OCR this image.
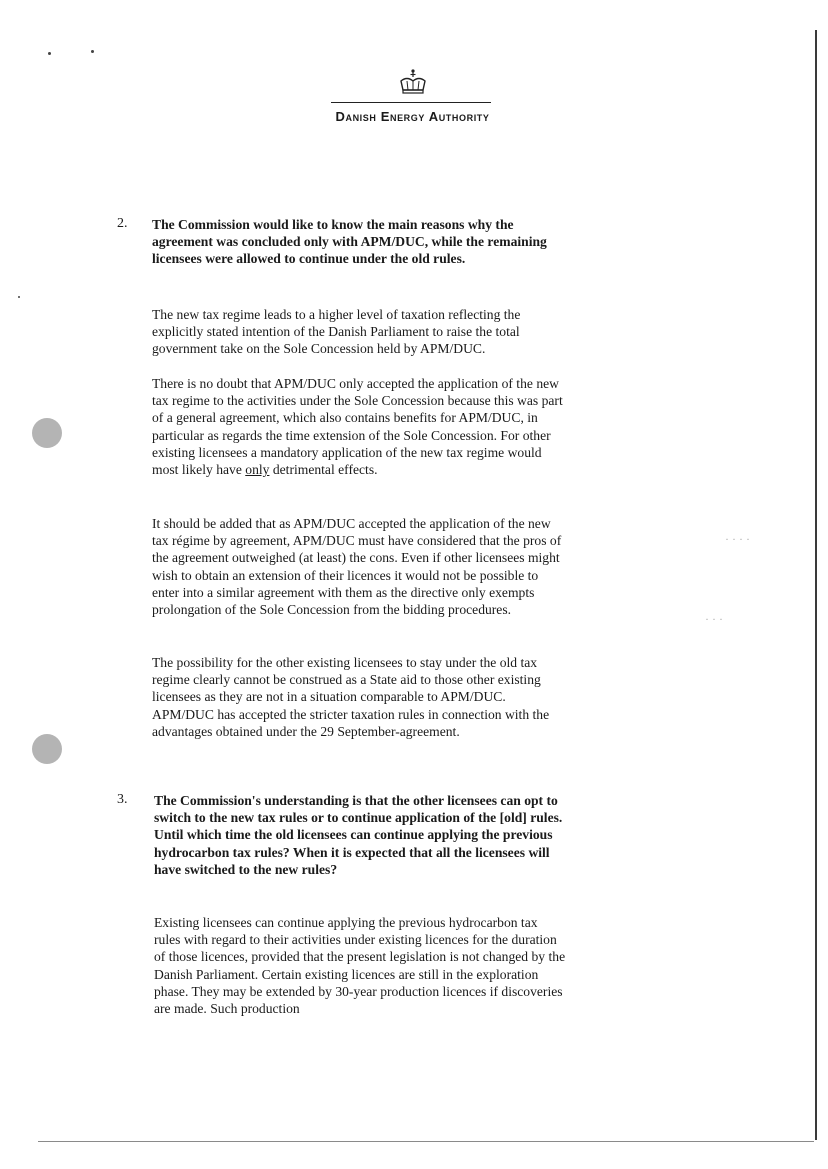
· · · ·
· · ·
Danish Energy Authority
2. The Commission would like to know the main reasons why the agreement was concluded only with APM/DUC, while the remaining licensees were allowed to continue under the old rules.
The new tax regime leads to a higher level of taxation reflecting the explicitly stated intention of the Danish Parliament to raise the total government take on the Sole Concession held by APM/DUC.
There is no doubt that APM/DUC only accepted the application of the new tax regime to the activities under the Sole Concession because this was part of a general agreement, which also contains benefits for APM/DUC, in particular as regards the time extension of the Sole Concession. For other existing licensees a mandatory application of the new tax regime would most likely have only detrimental effects.
It should be added that as APM/DUC accepted the application of the new tax régime by agreement, APM/DUC must have considered that the pros of the agreement outweighed (at least) the cons. Even if other licensees might wish to obtain an extension of their licences it would not be possible to enter into a similar agreement with them as the directive only exempts prolongation of the Sole Concession from the bidding procedures.
The possibility for the other existing licensees to stay under the old tax regime clearly cannot be construed as a State aid to those other existing licensees as they are not in a situation comparable to APM/DUC. APM/DUC has accepted the stricter taxation rules in connection with the advantages obtained under the 29 September-agreement.
3. The Commission's understanding is that the other licensees can opt to switch to the new tax rules or to continue application of the [old] rules. Until which time the old licensees can continue applying the previous hydrocarbon tax rules? When it is expected that all the licensees will have switched to the new rules?
Existing licensees can continue applying the previous hydrocarbon tax rules with regard to their activities under existing licences for the duration of those licences, provided that the present legislation is not changed by the Danish Parliament. Certain existing licences are still in the exploration phase. They may be extended by 30-year production licences if discoveries are made. Such production
